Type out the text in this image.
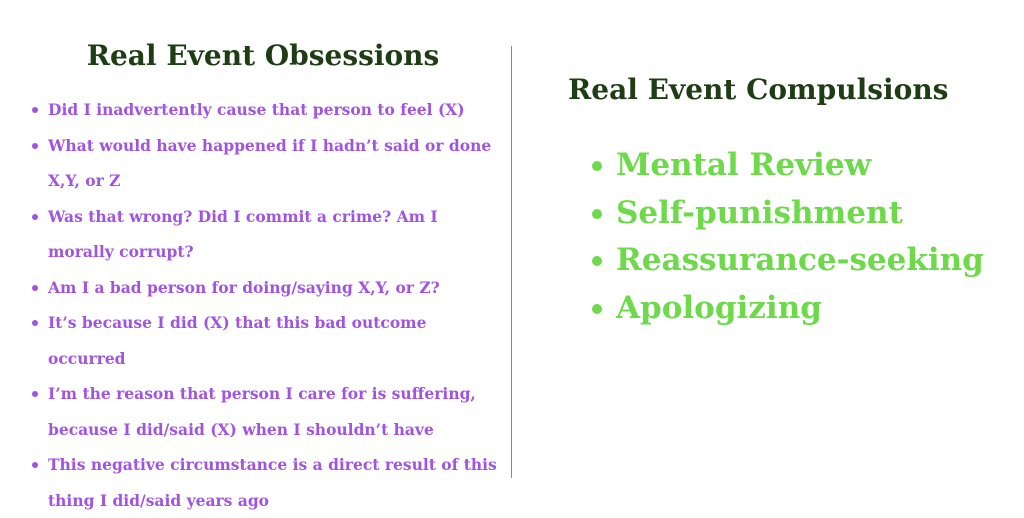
Real Event Obsessions
Did I inadvertently cause that person to feel (X)
What would have happened if I hadn’t said or done X,Y, or Z
Was that wrong? Did I commit a crime? Am I morally corrupt?
Am I a bad person for doing/saying X,Y, or Z?
It’s because I did (X) that this bad outcome occurred
I’m the reason that person I care for is suffering, because I did/said (X) when I shouldn’t have
This negative circumstance is a direct result of this thing I did/said years ago
Real Event Compulsions
Mental Review
Self-punishment
Reassurance-seeking
Apologizing
